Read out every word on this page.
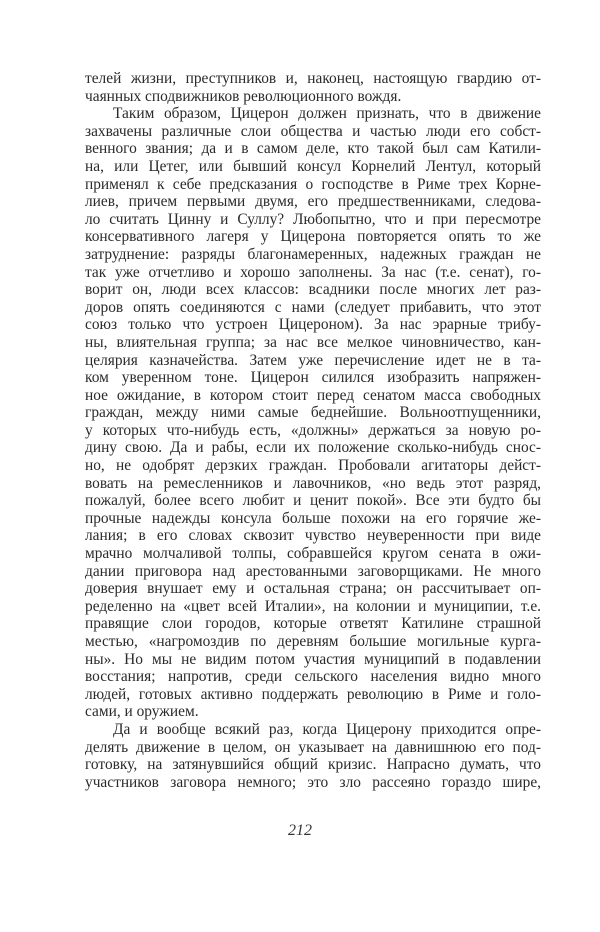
телей жизни, преступников и, наконец, настоящую гвардию от-
чаянных сподвижников революционного вождя.
Таким образом, Цицерон должен признать, что в движение
захвачены различные слои общества и частью люди его собст-
венного звания; да и в самом деле, кто такой был сам Катили-
на, или Цетег, или бывший консул Корнелий Лентул, который
применял к себе предсказания о господстве в Риме трех Корне-
лиев, причем первыми двумя, его предшественниками, следова-
ло считать Цинну и Суллу? Любопытно, что и при пересмотре
консервативного лагеря у Цицерона повторяется опять то же
затруднение: разряды благонамеренных, надежных граждан не
так уже отчетливо и хорошо заполнены. За нас (т.е. сенат), го-
ворит он, люди всех классов: всадники после многих лет раз-
доров опять соединяются с нами (следует прибавить, что этот
союз только что устроен Цицероном). За нас эрарные трибу-
ны, влиятельная группа; за нас все мелкое чиновничество, кан-
целярия казначейства. Затем уже перечисление идет не в та-
ком уверенном тоне. Цицерон силился изобразить напряжен-
ное ожидание, в котором стоит перед сенатом масса свободных
граждан, между ними самые беднейшие. Вольноотпущенники,
у которых что-нибудь есть, «должны» держаться за новую ро-
дину свою. Да и рабы, если их положение сколько-нибудь снос-
но, не одобрят дерзких граждан. Пробовали агитаторы дейст-
вовать на ремесленников и лавочников, «но ведь этот разряд,
пожалуй, более всего любит и ценит покой». Все эти будто бы
прочные надежды консула больше похожи на его горячие же-
лания; в его словах сквозит чувство неуверенности при виде
мрачно молчаливой толпы, собравшейся кругом сената в ожи-
дании приговора над арестованными заговорщиками. Не много
доверия внушает ему и остальная страна; он рассчитывает оп-
ределенно на «цвет всей Италии», на колонии и муниципии, т.е.
правящие слои городов, которые ответят Катилине страшной
местью, «нагромоздив по деревням большие могильные курга-
ны». Но мы не видим потом участия муниципий в подавлении
восстания; напротив, среди сельского населения видно много
людей, готовых активно поддержать революцию в Риме и голо-
сами, и оружием.
Да и вообще всякий раз, когда Цицерону приходится опре-
делять движение в целом, он указывает на давнишнюю его под-
готовку, на затянувшийся общий кризис. Напрасно думать, что
участников заговора немного; это зло рассеяно гораздо шире,
212
